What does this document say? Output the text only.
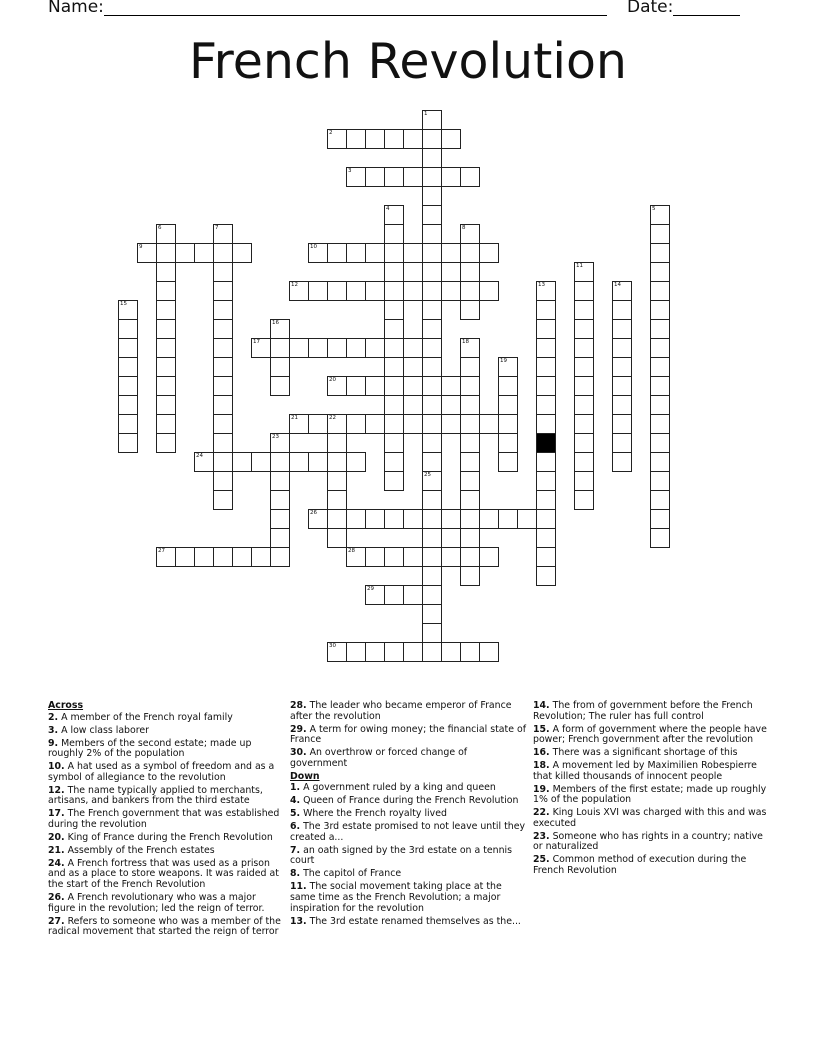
Name:	Date:
French Revolution
1
25
2
3
4	5
6	7	8
9	10
11
12	13	14
15
16
17	18
19
20
21	22
23
24
26
27	28
29
30
Across

2. A member of the French royal family

3. A low class laborer

9. Members of the second estate; made up roughly 2% of the population

10. A hat used as a symbol of freedom and as a symbol of allegiance to the revolution

12. The name typically applied to merchants, artisans, and bankers from the third estate

17. The French government that was established during the revolution

20. King of France during the French Revolution

21. Assembly of the French estates

24. A French fortress that was used as a prison and as a place to store weapons. It was raided at the start of the French Revolution

26. A French revolutionary who was a major figure in the revolution; led the reign of terror.

27. Refers to someone who was a member of the radical movement that started the reign of terror

28. The leader who became emperor of France after the revolution

29. A term for owing money; the financial state of France

30. An overthrow or forced change of government

Down

1. A government ruled by a king and queen

4. Queen of France during the French Revolution

5. Where the French royalty lived

6. The 3rd estate promised to not leave until they created a...

7. an oath signed by the 3rd estate on a tennis court

8. The capitol of France

11. The social movement taking place at the same time as the French Revolution; a major inspiration for the revolution

13. The 3rd estate renamed themselves as the...

14. The from of government before the French Revolution; The ruler has full control

15. A form of government where the people have power; French government after the revolution

16. There was a significant shortage of this

18. A movement led by Maximilien Robespierre that killed thousands of innocent people

19. Members of the first estate; made up roughly 1% of the population

22. King Louis XVI was charged with this and was executed

23. Someone who has rights in a country; native or naturalized

25. Common method of execution during the French Revolution
